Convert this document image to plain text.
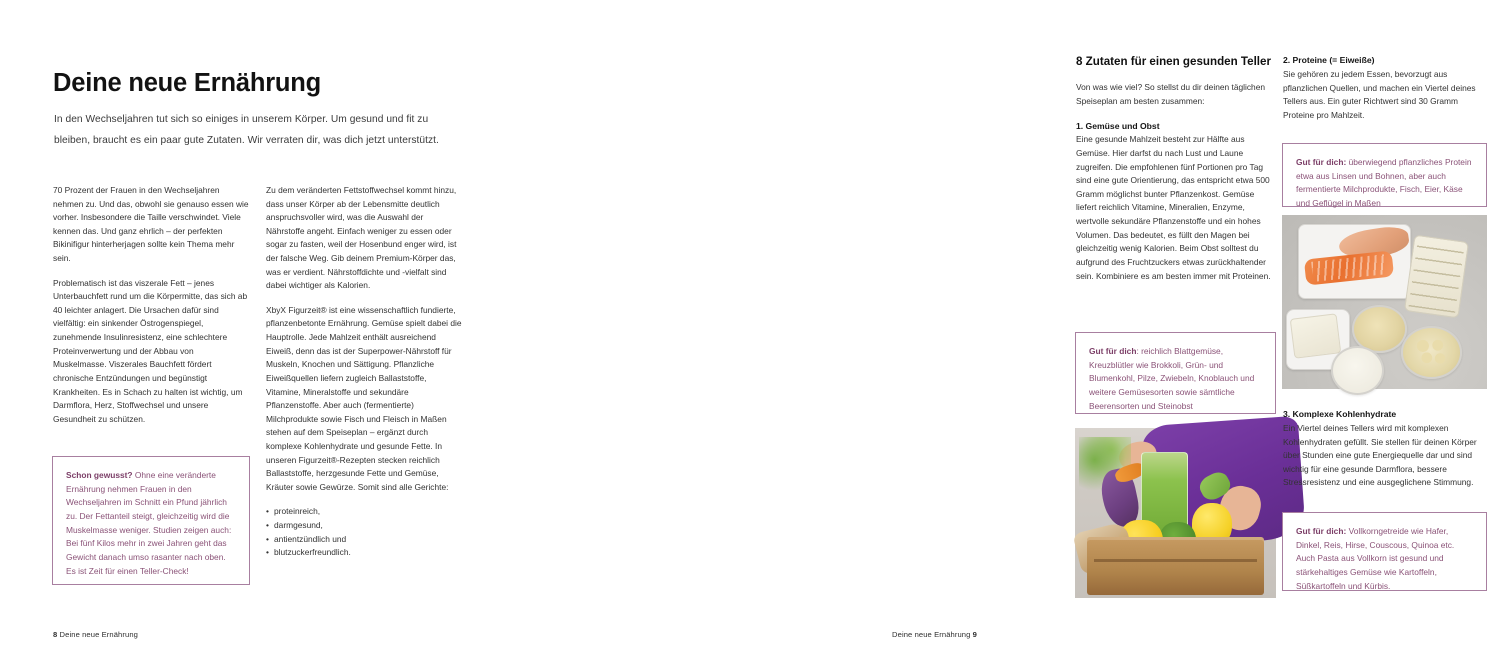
Deine neue Ernährung

In den Wechseljahren tut sich so einiges in unserem Körper. Um gesund und fit zu bleiben, braucht es ein paar gute Zutaten. Wir verraten dir, was dich jetzt unterstützt.

70 Prozent der Frauen in den Wechseljahren nehmen zu. Und das, obwohl sie genauso essen wie vorher. Insbesondere die Taille verschwindet. Viele kennen das. Und ganz ehrlich – der perfekten Bikinifigur hinterherjagen sollte kein Thema mehr sein.

Problematisch ist das viszerale Fett – jenes Unterbauchfett rund um die Körpermitte, das sich ab 40 leichter anlagert. Die Ursachen dafür sind vielfältig: ein sinkender Östrogenspiegel, zunehmende Insulinresistenz, eine schlechtere Proteinverwertung und der Abbau von Muskelmasse. Viszerales Bauchfett fördert chronische Entzündungen und begünstigt Krankheiten. Es in Schach zu halten ist wichtig, um Darmflora, Herz, Stoffwechsel und unsere Gesundheit zu schützen.

Schon gewusst? Ohne eine veränderte Ernährung nehmen Frauen in den Wechseljahren im Schnitt ein Pfund jährlich zu. Der Fettanteil steigt, gleichzeitig wird die Muskelmasse weniger. Studien zeigen auch: Bei fünf Kilos mehr in zwei Jahren geht das Gewicht danach umso rasanter nach oben. Es ist Zeit für einen Teller-Check!

Zu dem veränderten Fettstoffwechsel kommt hinzu, dass unser Körper ab der Lebensmitte deutlich anspruchsvoller wird, was die Auswahl der Nährstoffe angeht. Einfach weniger zu essen oder sogar zu fasten, weil der Hosenbund enger wird, ist der falsche Weg. Gib deinem Premium-Körper das, was er verdient. Nährstoffdichte und -vielfalt sind dabei wichtiger als Kalorien.

XbyX Figurzeit® ist eine wissenschaftlich fundierte, pflanzenbetonte Ernährung. Gemüse spielt dabei die Hauptrolle. Jede Mahlzeit enthält ausreichend Eiweiß, denn das ist der Superpower-Nährstoff für Muskeln, Knochen und Sättigung. Pflanzliche Eiweißquellen liefern zugleich Ballaststoffe, Vitamine, Mineralstoffe und sekundäre Pflanzenstoffe. Aber auch (fermentierte) Milchprodukte sowie Fisch und Fleisch in Maßen stehen auf dem Speiseplan – ergänzt durch komplexe Kohlenhydrate und gesunde Fette. In unseren Figurzeit®-Rezepten stecken reichlich Ballaststoffe, herzgesunde Fette und Gemüse, Kräuter sowie Gewürze. Somit sind alle Gerichte:

• proteinreich,
• darmgesund,
• antientzündlich und
• blutzuckerfreundlich.
8 Deine neue Ernährung
8 Zutaten für einen gesunden Teller

Von was wie viel? So stellst du dir deinen täglichen Speiseplan am besten zusammen:

1. Gemüse und Obst

Eine gesunde Mahlzeit besteht zur Hälfte aus Gemüse. Hier darfst du nach Lust und Laune zugreifen. Die empfohlenen fünf Portionen pro Tag sind eine gute Orientierung, das entspricht etwa 500 Gramm möglichst bunter Pflanzenkost. Gemüse liefert reichlich Vitamine, Mineralien, Enzyme, wertvolle sekundäre Pflanzenstoffe und ein hohes Volumen. Das bedeutet, es füllt den Magen bei gleichzeitig wenig Kalorien. Beim Obst solltest du aufgrund des Fruchtzuckers etwas zurückhaltender sein. Kombiniere es am besten immer mit Proteinen.

Gut für dich: reichlich Blattgemüse, Kreuzblütler wie Brokkoli, Grün- und Blumenkohl, Pilze, Zwiebeln, Knoblauch und weitere Gemüsesorten sowie sämtliche Beerensorten und Steinobst
2. Proteine (= Eiweiße)

Sie gehören zu jedem Essen, bevorzugt aus pflanzlichen Quellen, und machen ein Viertel deines Tellers aus. Ein guter Richtwert sind 30 Gramm Proteine pro Mahlzeit.

Gut für dich: überwiegend pflanzliches Protein etwa aus Linsen und Bohnen, aber auch fermentierte Milchprodukte, Fisch, Eier, Käse und Geflügel in Maßen
3. Komplexe Kohlenhydrate

Ein Viertel deines Tellers wird mit komplexen Kohlenhydraten gefüllt. Sie stellen für deinen Körper über Stunden eine gute Energiequelle dar und sind wichtig für eine gesunde Darmflora, bessere Stressresistenz und eine ausgeglichene Stimmung.

Gut für dich: Vollkorngetreide wie Hafer, Dinkel, Reis, Hirse, Couscous, Quinoa etc. Auch Pasta aus Vollkorn ist gesund und stärkehaltiges Gemüse wie Kartoffeln, Süßkartoffeln und Kürbis.
Deine neue Ernährung 9
